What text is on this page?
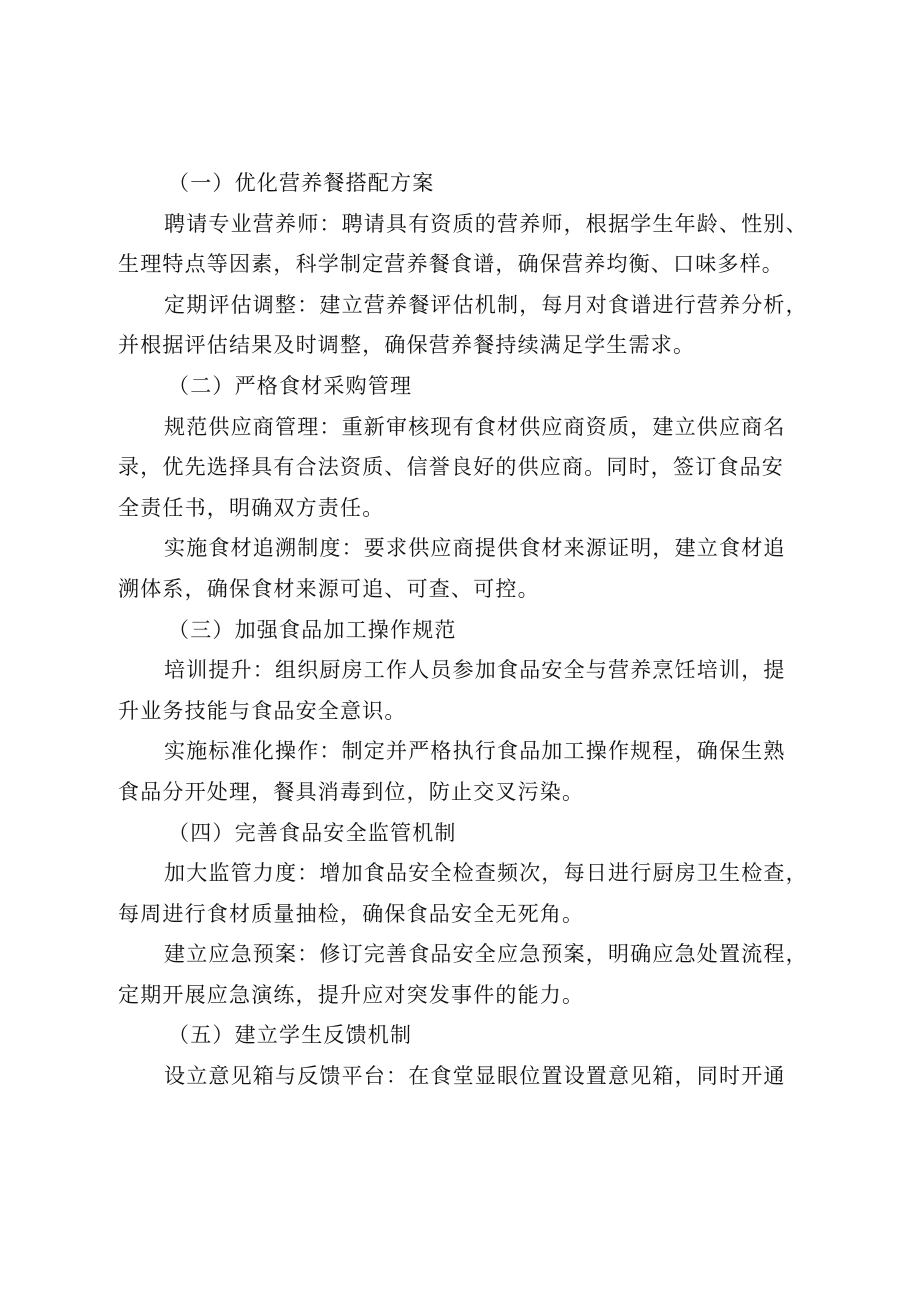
（一）优化营养餐搭配方案
聘请专业营养师：聘请具有资质的营养师，根据学生年龄、性别、
生理特点等因素，科学制定营养餐食谱，确保营养均衡、口味多样。
定期评估调整：建立营养餐评估机制，每月对食谱进行营养分析，
并根据评估结果及时调整，确保营养餐持续满足学生需求。
（二）严格食材采购管理
规范供应商管理：重新审核现有食材供应商资质，建立供应商名
录，优先选择具有合法资质、信誉良好的供应商。同时，签订食品安
全责任书，明确双方责任。
实施食材追溯制度：要求供应商提供食材来源证明，建立食材追
溯体系，确保食材来源可追、可查、可控。
（三）加强食品加工操作规范
培训提升：组织厨房工作人员参加食品安全与营养烹饪培训，提
升业务技能与食品安全意识。
实施标准化操作：制定并严格执行食品加工操作规程，确保生熟
食品分开处理，餐具消毒到位，防止交叉污染。
（四）完善食品安全监管机制
加大监管力度：增加食品安全检查频次，每日进行厨房卫生检查，
每周进行食材质量抽检，确保食品安全无死角。
建立应急预案：修订完善食品安全应急预案，明确应急处置流程，
定期开展应急演练，提升应对突发事件的能力。
（五）建立学生反馈机制
设立意见箱与反馈平台：在食堂显眼位置设置意见箱，同时开通
